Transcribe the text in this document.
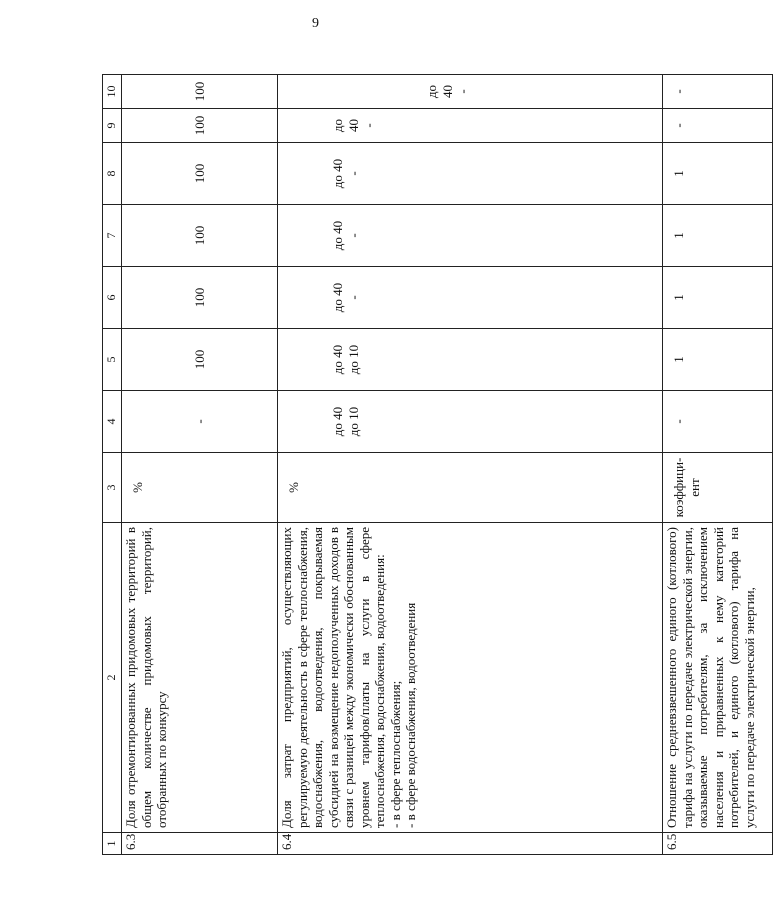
9
1	2	3	4	5	6	7	8	9	10
6.3	Доля отремонтированных придомовых территорий в общем количестве придомовых территорий, отобранных по конкурсу	%	-	100	100	100	100	100	100
6.4	Доля затрат предприятий, осуществляющих регулируемую деятельность в сфере теплоснабжения, водоснабжения, водоотведения, покрываемая субсидией на возмещение недополученных доходов в связи с разницей между экономически обоснованным уровнем тарифов/платы на услуги в сфере теплоснабжения, водоснабжения, водоотведения:
- в сфере теплоснабжения;
- в сфере водоснабжения, водоотведения	%	до 40 до 10	до 40 до 10	до 40 -	до 40 -	до 40 -	до 40 -	до 40 -

6.5	Отношение средневзвешенного единого (котлового) тарифа на услуги по передаче электрической энергии, оказываемые потребителям, за исключением населения и приравненных к нему категорий потребителей, и единого (котлового) тарифа на услуги по передаче электрической энергии,	коэффици-ент	-	1	1	1	1	-	-
